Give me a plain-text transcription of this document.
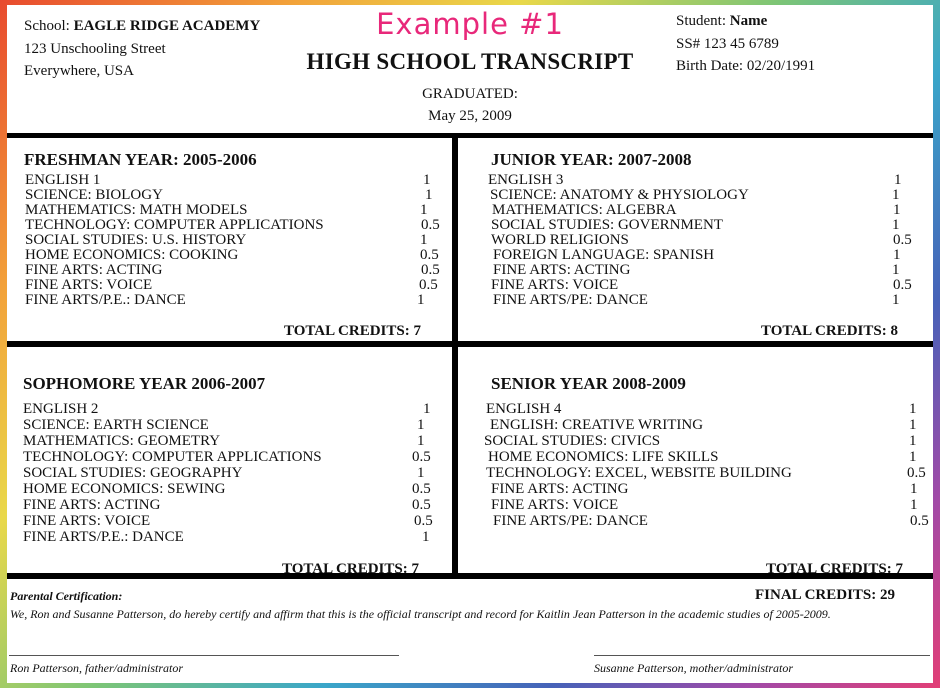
School: EAGLE RIDGE ACADEMY
123 Unschooling Street
Everywhere, USA
Example #1
HIGH SCHOOL TRANSCRIPT
GRADUATED:
May 25, 2009
Student: Name
SS# 123 45 6789
Birth Date: 02/20/1991
FRESHMAN YEAR: 2005-2006
ENGLISH 1	1
SCIENCE: BIOLOGY	1
MATHEMATICS: MATH MODELS	1
TECHNOLOGY: COMPUTER APPLICATIONS	0.5
SOCIAL STUDIES: U.S. HISTORY	1
HOME ECONOMICS: COOKING	0.5
FINE ARTS: ACTING	0.5
FINE ARTS: VOICE	0.5
FINE ARTS/P.E.: DANCE	1
TOTAL CREDITS: 7
JUNIOR YEAR: 2007-2008
ENGLISH 3	1
SCIENCE: ANATOMY & PHYSIOLOGY	1
MATHEMATICS: ALGEBRA	1
SOCIAL STUDIES: GOVERNMENT	1
WORLD RELIGIONS	0.5
FOREIGN LANGUAGE: SPANISH	1
FINE ARTS: ACTING	1
FINE ARTS: VOICE	0.5
FINE ARTS/PE: DANCE	1
TOTAL CREDITS: 8
SOPHOMORE YEAR 2006-2007
ENGLISH 2	1
SCIENCE: EARTH SCIENCE	1
MATHEMATICS: GEOMETRY	1
TECHNOLOGY: COMPUTER APPLICATIONS	0.5
SOCIAL STUDIES: GEOGRAPHY	1
HOME ECONOMICS: SEWING	0.5
FINE ARTS: ACTING	0.5
FINE ARTS: VOICE	0.5
FINE ARTS/P.E.: DANCE	1
TOTAL CREDITS: 7
SENIOR YEAR 2008-2009
ENGLISH 4	1
ENGLISH: CREATIVE WRITING	1
SOCIAL STUDIES: CIVICS	1
HOME ECONOMICS: LIFE SKILLS	1
TECHNOLOGY: EXCEL, WEBSITE BUILDING	0.5
FINE ARTS: ACTING	1
FINE ARTS: VOICE	1
FINE ARTS/PE: DANCE	0.5
TOTAL CREDITS: 7
Parental Certification:	FINAL CREDITS: 29
We, Ron and Susanne Patterson, do hereby certify and affirm that this is the official transcript and record for Kaitlin Jean Patterson in the academic studies of 2005-2009.
Ron Patterson, father/administrator	Susanne Patterson, mother/administrator
